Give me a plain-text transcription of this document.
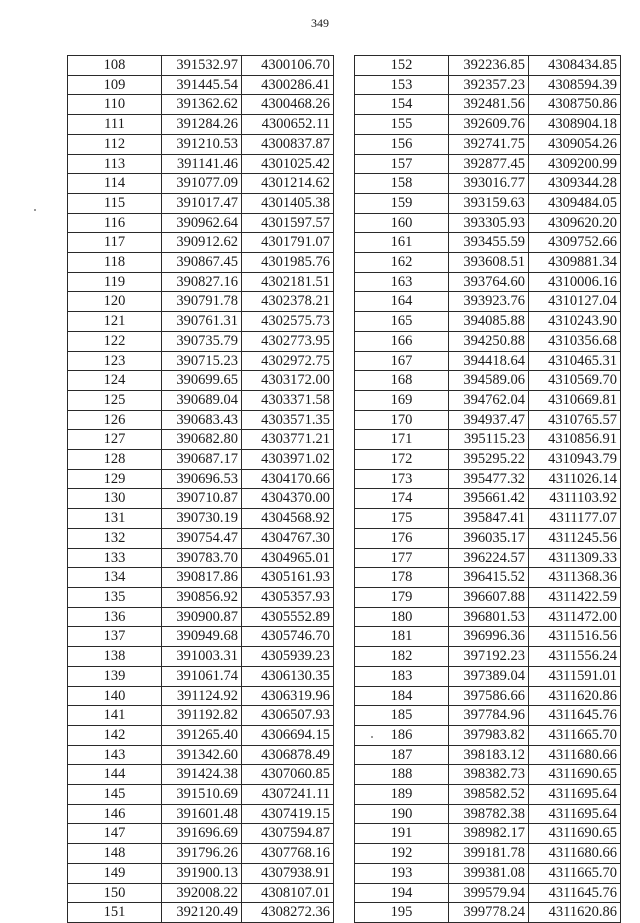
349
108	391532.97	4300106.70
109	391445.54	4300286.41
110	391362.62	4300468.26
111	391284.26	4300652.11
112	391210.53	4300837.87
113	391141.46	4301025.42
114	391077.09	4301214.62
115	391017.47	4301405.38
116	390962.64	4301597.57
117	390912.62	4301791.07
118	390867.45	4301985.76
119	390827.16	4302181.51
120	390791.78	4302378.21
121	390761.31	4302575.73
122	390735.79	4302773.95
123	390715.23	4302972.75
124	390699.65	4303172.00
125	390689.04	4303371.58
126	390683.43	4303571.35
127	390682.80	4303771.21
128	390687.17	4303971.02
129	390696.53	4304170.66
130	390710.87	4304370.00
131	390730.19	4304568.92
132	390754.47	4304767.30
133	390783.70	4304965.01
134	390817.86	4305161.93
135	390856.92	4305357.93
136	390900.87	4305552.89
137	390949.68	4305746.70
138	391003.31	4305939.23
139	391061.74	4306130.35
140	391124.92	4306319.96
141	391192.82	4306507.93
142	391265.40	4306694.15
143	391342.60	4306878.49
144	391424.38	4307060.85
145	391510.69	4307241.11
146	391601.48	4307419.15
147	391696.69	4307594.87
148	391796.26	4307768.16
149	391900.13	4307938.91
150	392008.22	4308107.01
151	392120.49	4308272.36
152	392236.85	4308434.85
153	392357.23	4308594.39
154	392481.56	4308750.86
155	392609.76	4308904.18
156	392741.75	4309054.26
157	392877.45	4309200.99
158	393016.77	4309344.28
159	393159.63	4309484.05
160	393305.93	4309620.20
161	393455.59	4309752.66
162	393608.51	4309881.34
163	393764.60	4310006.16
164	393923.76	4310127.04
165	394085.88	4310243.90
166	394250.88	4310356.68
167	394418.64	4310465.31
168	394589.06	4310569.70
169	394762.04	4310669.81
170	394937.47	4310765.57
171	395115.23	4310856.91
172	395295.22	4310943.79
173	395477.32	4311026.14
174	395661.42	4311103.92
175	395847.41	4311177.07
176	396035.17	4311245.56
177	396224.57	4311309.33
178	396415.52	4311368.36
179	396607.88	4311422.59
180	396801.53	4311472.00
181	396996.36	4311516.56
182	397192.23	4311556.24
183	397389.04	4311591.01
184	397586.66	4311620.86
185	397784.96	4311645.76
186	397983.82	4311665.70
187	398183.12	4311680.66
188	398382.73	4311690.65
189	398582.52	4311695.64
190	398782.38	4311695.64
191	398982.17	4311690.65
192	399181.78	4311680.66
193	399381.08	4311665.70
194	399579.94	4311645.76
195	399778.24	4311620.86
